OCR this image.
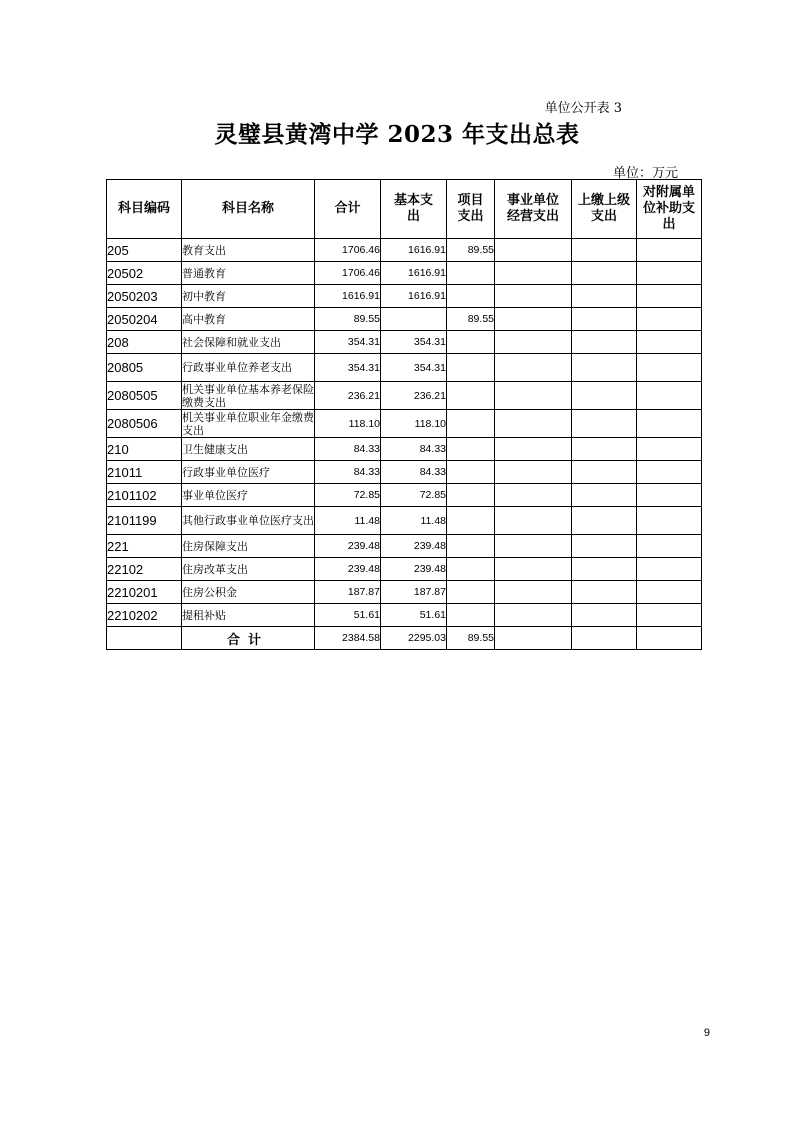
单位公开表 3
灵璧县黄湾中学 2023 年支出总表
单位：万元
科目编码	科目名称	合计	基本支出	项目支出	事业单位经营支出	上缴上级支出	对附属单位补助支出
205	教育支出	1706.46	1616.91	89.55			
20502	普通教育	1706.46	1616.91				
2050203	初中教育	1616.91	1616.91				
2050204	高中教育	89.55		89.55			
208	社会保障和就业支出	354.31	354.31				
20805	行政事业单位养老支出	354.31	354.31				
2080505	机关事业单位基本养老保险缴费支出	236.21	236.21				
2080506	机关事业单位职业年金缴费支出	118.10	118.10				
210	卫生健康支出	84.33	84.33				
21011	行政事业单位医疗	84.33	84.33				
2101102	事业单位医疗	72.85	72.85				
2101199	其他行政事业单位医疗支出	11.48	11.48				
221	住房保障支出	239.48	239.48				
22102	住房改革支出	239.48	239.48				
2210201	住房公积金	187.87	187.87				
2210202	提租补贴	51.61	51.61				
	合计	2384.58	2295.03	89.55			
9
